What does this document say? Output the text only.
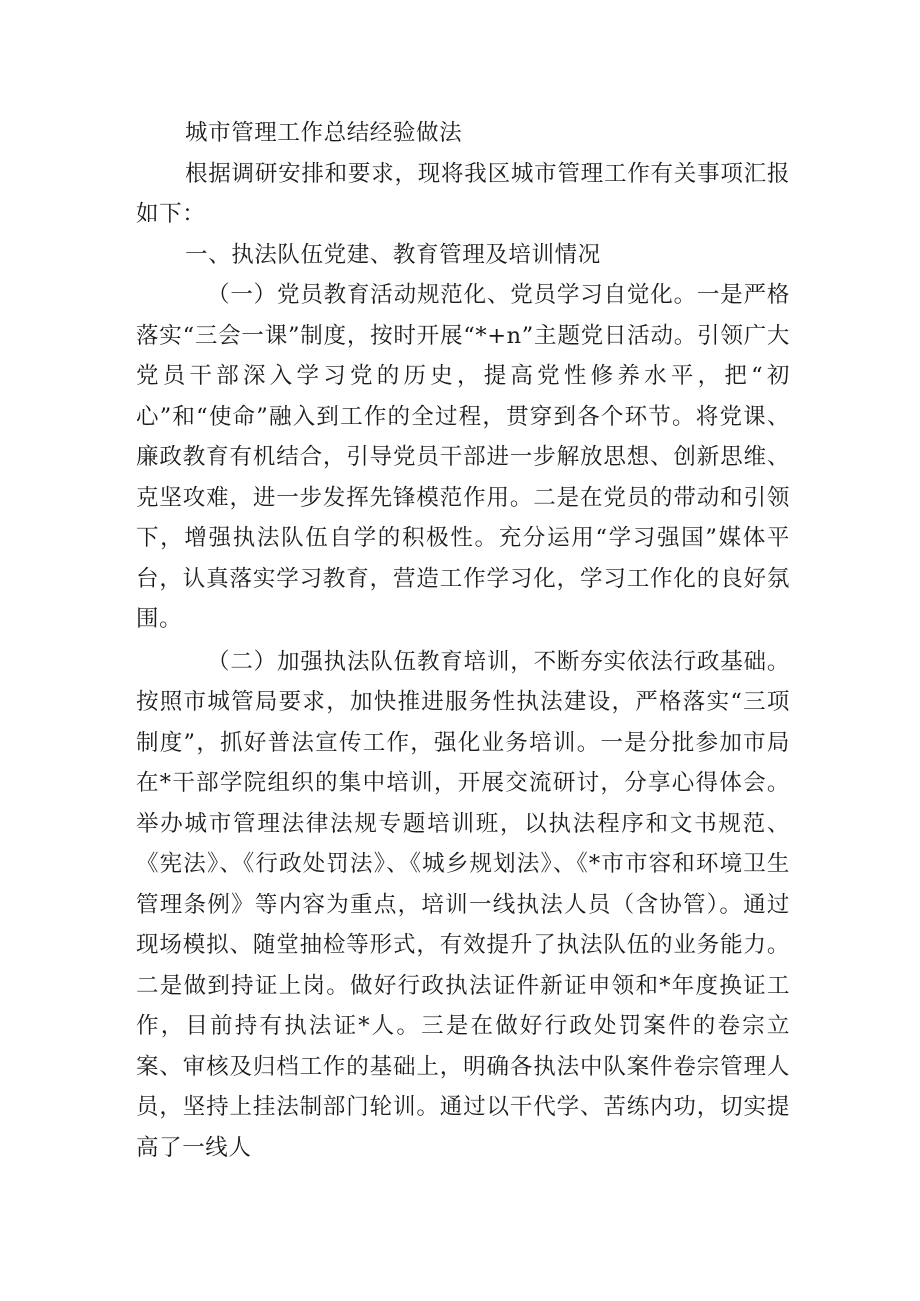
城市管理工作总结经验做法

根据调研安排和要求，现将我区城市管理工作有关事项汇报如下：

一、执法队伍党建、教育管理及培训情况

（一）党员教育活动规范化、党员学习自觉化。一是严格落实“三会一课”制度，按时开展“*+n”主题党日活动。引领广大党员干部深入学习党的历史，提高党性修养水平，把“初心”和“使命”融入到工作的全过程，贯穿到各个环节。将党课、廉政教育有机结合，引导党员干部进一步解放思想、创新思维、克坚攻难，进一步发挥先锋模范作用。二是在党员的带动和引领下，增强执法队伍自学的积极性。充分运用“学习强国”媒体平台，认真落实学习教育，营造工作学习化，学习工作化的良好氛围。

（二）加强执法队伍教育培训，不断夯实依法行政基础。按照市城管局要求，加快推进服务性执法建设，严格落实“三项制度”，抓好普法宣传工作，强化业务培训。一是分批参加市局在*干部学院组织的集中培训，开展交流研讨，分享心得体会。举办城市管理法律法规专题培训班，以执法程序和文书规范、《宪法》、《行政处罚法》、《城乡规划法》、《*市市容和环境卫生管理条例》等内容为重点，培训一线执法人员（含协管）。通过现场模拟、随堂抽检等形式，有效提升了执法队伍的业务能力。二是做到持证上岗。做好行政执法证件新证申领和*年度换证工作，目前持有执法证*人。三是在做好行政处罚案件的卷宗立案、审核及归档工作的基础上，明确各执法中队案件卷宗管理人员，坚持上挂法制部门轮训。通过以干代学、苦练内功，切实提高了一线人
